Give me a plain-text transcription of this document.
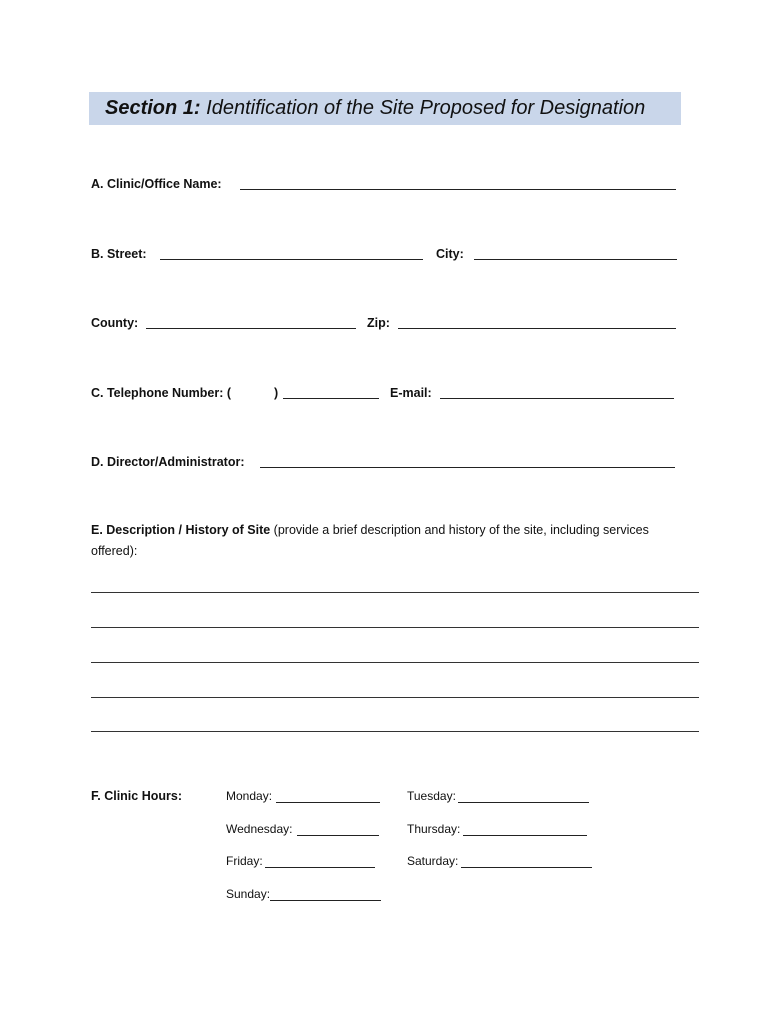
Section 1: Identification of the Site Proposed for Designation
A. Clinic/Office Name:
B. Street:	City:
County:	Zip:
C. Telephone Number: (	)	E-mail:
D. Director/Administrator:
E. Description / History of Site (provide a brief description and history of the site, including services offered):
F. Clinic Hours:	Monday:	Tuesday:
Wednesday:	Thursday:
Friday:	Saturday:
Sunday:
